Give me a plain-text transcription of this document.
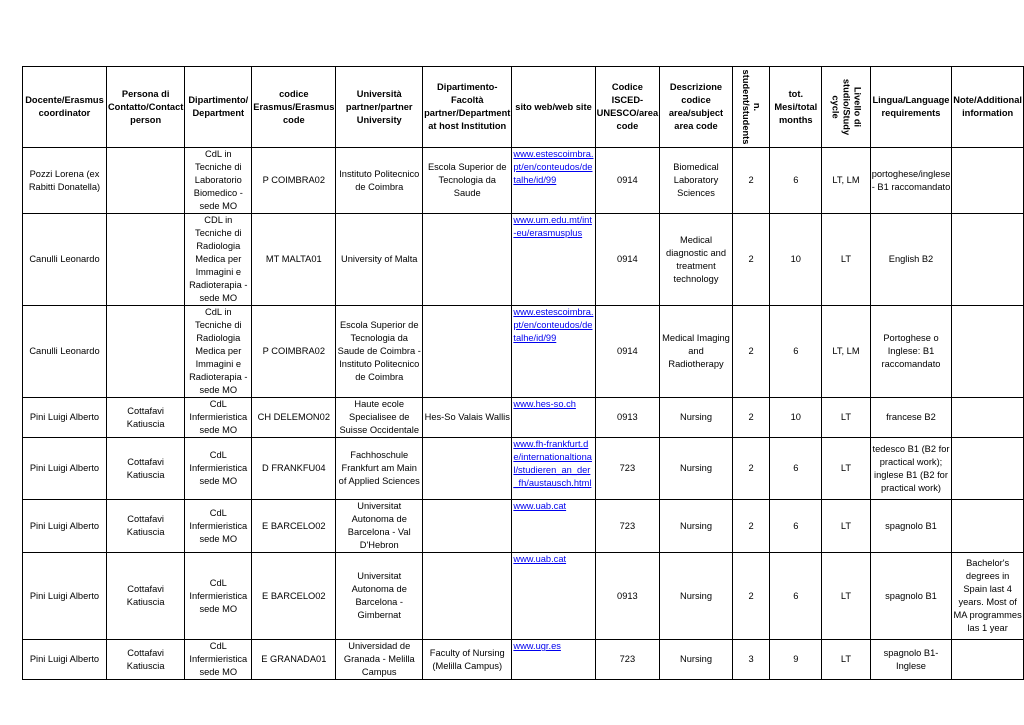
Docente/Erasmus coordinator	Persona di Contatto/Contact person	Dipartimento/ Department	codice Erasmus/Erasmus code	Università partner/partner University	Dipartimento-Facoltà partner/Department at host Institution	sito web/web site	Codice ISCED-UNESCO/area code	Descrizione codice area/subject area code	n. student/students	tot. Mesi/total months	Livello di studio/Study cycle	Lingua/Language requirements	Note/Additional information
Pozzi Lorena (ex Rabitti Donatella)		CdL in Tecniche di Laboratorio Biomedico - sede MO	P COIMBRA02	Instituto Politecnico de Coimbra	Escola Superior de Tecnologia da Saude	www.estescoimbra.pt/en/conteudos/detalhe/id/99	0914	Biomedical Laboratory Sciences	2	6	LT, LM	portoghese/inglese - B1 raccomandato	
Canulli Leonardo		CDL in Tecniche di Radiologia Medica per Immagini e Radioterapia - sede MO	MT MALTA01	University of Malta		www.um.edu.mt/int-eu/erasmusplus	0914	Medical diagnostic and treatment technology	2	10	LT	English B2	
Canulli Leonardo		CdL in Tecniche di Radiologia Medica per Immagini e Radioterapia - sede MO	P COIMBRA02	Escola Superior de Tecnologia da Saude de Coimbra - Instituto Politecnico de Coimbra		www.estescoimbra.pt/en/conteudos/detalhe/id/99	0914	Medical Imaging and Radiotherapy	2	6	LT, LM	Portoghese o Inglese: B1 raccomandato	
Pini Luigi Alberto	Cottafavi Katiuscia	CdL Infermieristica sede MO	CH DELEMON02	Haute ecole Specialisee de Suisse Occidentale	Hes-So Valais Wallis	www.hes-so.ch	0913	Nursing	2	10	LT	francese B2	
Pini Luigi Alberto	Cottafavi Katiuscia	CdL Infermieristica sede MO	D FRANKFU04	Fachhoschule Frankfurt am Main of Applied Sciences		www.fh-frankfurt.de/internationaltional/studieren_an_der_fh/austausch.html	723	Nursing	2	6	LT	tedesco B1 (B2 for practical work); inglese B1 (B2 for practical work)	
Pini Luigi Alberto	Cottafavi Katiuscia	CdL Infermieristica sede MO	E BARCELO02	Universitat Autonoma de Barcelona - Val D'Hebron		www.uab.cat	723	Nursing	2	6	LT	spagnolo B1	
Pini Luigi Alberto	Cottafavi Katiuscia	CdL Infermieristica sede MO	E BARCELO02	Universitat Autonoma de Barcelona - Gimbernat		www.uab.cat	0913	Nursing	2	6	LT	spagnolo B1	Bachelor's degrees in Spain last 4 years. Most of MA programmes las 1 year
Pini Luigi Alberto	Cottafavi Katiuscia	CdL Infermieristica sede MO	E GRANADA01	Universidad de Granada - Melilla Campus	Faculty of Nursing (Melilla Campus)	www.ugr.es	723	Nursing	3	9	LT	spagnolo B1-Inglese	
